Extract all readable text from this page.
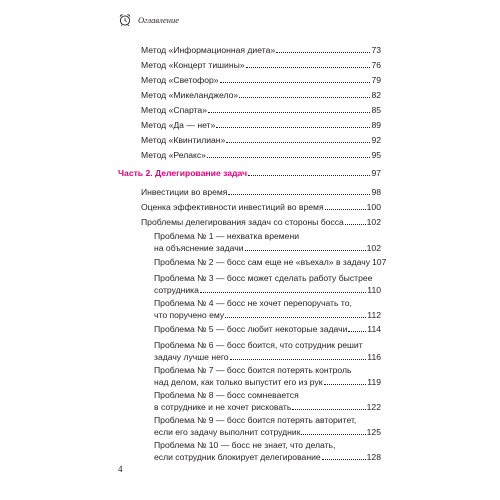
Оглавление
Метод «Информационная диета»	73
Метод «Концерт тишины»	76
Метод «Светофор»	79
Метод «Микеланджело»	82
Метод «Спарта»	85
Метод «Да — нет»	89
Метод «Квинтилиан»	92
Метод «Релакс»	95
Часть 2. Делегирование задач	97
Инвестиции во время	98
Оценка эффективности инвестиций во время	100
Проблемы делегирования задач со стороны босса	102
Проблема № 1 — нехватка времени
на объяснение задачи	102
Проблема № 2 — босс сам еще не «въехал» в задачу 107
Проблема № 3 — босс может сделать работу быстрее
сотрудника	110
Проблема № 4 — босс не хочет перепоручать то,
что поручено ему	112
Проблема № 5 — босс любит некоторые задачи 114
Проблема № 6 — босс боится, что сотрудник решит
задачу лучше него	116
Проблема № 7 — босс боится потерять контроль
над делом, как только выпустит его из рук	119
Проблема № 8 — босс сомневается
в сотруднике и не хочет рисковать	122
Проблема № 9 — босс боится потерять авторитет,
если его задачу выполнит сотрудник	125
Проблема № 10 — босс не знает, что делать,
если сотрудник блокирует делегирование	128
4
